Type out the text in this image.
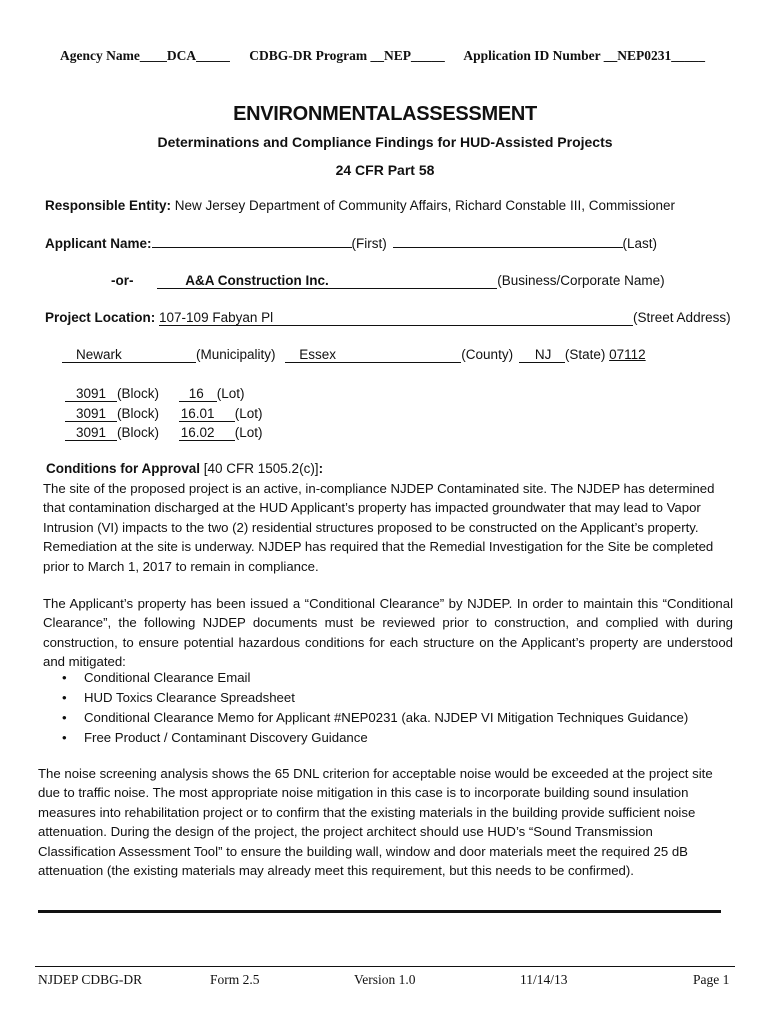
Agency Name____DCA_____ CDBG-DR Program __NEP_____ Application ID Number __NEP0231_____
ENVIRONMENTALASSESSMENT
Determinations and Compliance Findings for HUD-Assisted Projects
24 CFR Part 58
Responsible Entity: New Jersey Department of Community Affairs, Richard Constable III, Commissioner
Applicant Name:	(First)	(Last)
-or-	A&A Construction Inc.	(Business/Corporate Name)
Project Location: 107-109 Fabyan Pl	(Street Address)
Newark	(Municipality) Essex	(County) NJ (State) 07112
3091 (Block) 16 (Lot)
3091 (Block) 16.01 (Lot)
3091 (Block) 16.02 (Lot)
Conditions for Approval [40 CFR 1505.2(c)]:

The site of the proposed project is an active, in-compliance NJDEP Contaminated site. The NJDEP has determined that contamination discharged at the HUD Applicant’s property has impacted groundwater that may lead to Vapor Intrusion (VI) impacts to the two (2) residential structures proposed to be constructed on the Applicant’s property. Remediation at the site is underway. NJDEP has required that the Remedial Investigation for the Site be completed prior to March 1, 2017 to remain in compliance.

The Applicant’s property has been issued a “Conditional Clearance” by NJDEP. In order to maintain this “Conditional Clearance”, the following NJDEP documents must be reviewed prior to construction, and complied with during construction, to ensure potential hazardous conditions for each structure on the Applicant’s property are understood and mitigated:

• Conditional Clearance Email
• HUD Toxics Clearance Spreadsheet
• Conditional Clearance Memo for Applicant #NEP0231 (aka. NJDEP VI Mitigation Techniques Guidance)
• Free Product / Contaminant Discovery Guidance

The noise screening analysis shows the 65 DNL criterion for acceptable noise would be exceeded at the project site due to traffic noise. The most appropriate noise mitigation in this case is to incorporate building sound insulation measures into rehabilitation project or to confirm that the existing materials in the building provide sufficient noise attenuation. During the design of the project, the project architect should use HUD’s “Sound Transmission Classification Assessment Tool” to ensure the building wall, window and door materials meet the required 25 dB attenuation (the existing materials may already meet this requirement, but this needs to be confirmed).

NJDEP CDBG-DR	Form 2.5	Version 1.0	11/14/13	Page 1
